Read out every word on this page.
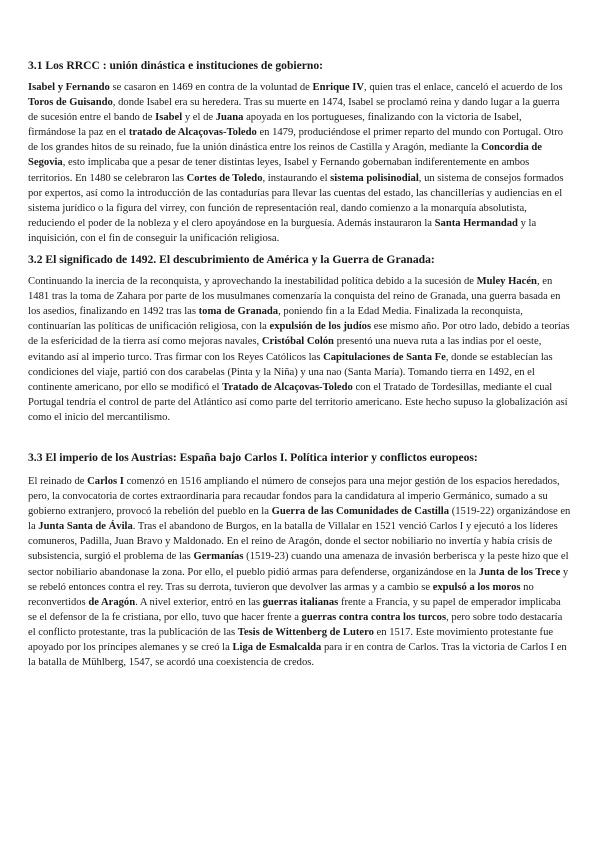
3.1 Los RRCC : unión dinástica e instituciones de gobierno:

Isabel y Fernando se casaron en 1469 en contra de la voluntad de Enrique IV, quien tras el enlace, canceló el acuerdo de los Toros de Guisando, donde Isabel era su heredera. Tras su muerte en 1474, Isabel se proclamó reina y dando lugar a la guerra de sucesión entre el bando de Isabel y el de Juana apoyada en los portugueses, finalizando con la victoria de Isabel, firmándose la paz en el tratado de Alcaçovas-Toledo en 1479, produciéndose el primer reparto del mundo con Portugal. Otro de los grandes hitos de su reinado, fue la unión dinástica entre los reinos de Castilla y Aragón, mediante la Concordia de Segovia, esto implicaba que a pesar de tener distintas leyes, Isabel y Fernando gobernaban indiferentemente en ambos territorios. En 1480 se celebraron las Cortes de Toledo, instaurando el sistema polisinodial, un sistema de consejos formados por expertos, así como la introducción de las contadurías para llevar las cuentas del estado, las chancillerías y audiencias en el sistema jurídico o la figura del virrey, con función de representación real, dando comienzo a la monarquía absolutista, reduciendo el poder de la nobleza y el clero apoyándose en la burguesía. Además instauraron la Santa Hermandad y la inquisición, con el fin de conseguir la unificación religiosa.

3.2 El significado de 1492. El descubrimiento de América y la Guerra de Granada:

Continuando la inercia de la reconquista, y aprovechando la inestabilidad política debido a la sucesión de Muley Hacén, en 1481 tras la toma de Zahara por parte de los musulmanes comenzaría la conquista del reino de Granada, una guerra basada en los asedios, finalizando en 1492 tras las toma de Granada, poniendo fin a la Edad Media. Finalizada la reconquista, continuarían las políticas de unificación religiosa, con la expulsión de los judíos ese mismo año. Por otro lado, debido a teorías de la esfericidad de la tierra así como mejoras navales, Cristóbal Colón presentó una nueva ruta a las indias por el oeste, evitando así al imperio turco. Tras firmar con los Reyes Católicos las Capitulaciones de Santa Fe, donde se establecían las condiciones del viaje, partió con dos carabelas (Pinta y la Niña) y una nao (Santa María). Tomando tierra en 1492, en el continente americano, por ello se modificó el Tratado de Alcaçovas-Toledo con el Tratado de Tordesillas, mediante el cual Portugal tendría el control de parte del Atlántico así como parte del territorio americano. Este hecho supuso la globalización así como el inicio del mercantilismo.

3.3 El imperio de los Austrias: España bajo Carlos I. Política interior y conflictos europeos:

El reinado de Carlos I comenzó en 1516 ampliando el número de consejos para una mejor gestión de los espacios heredados, pero, la convocatoria de cortes extraordinaria para recaudar fondos para la candidatura al imperio Germánico, sumado a su gobierno extranjero, provocó la rebelión del pueblo en la Guerra de las Comunidades de Castilla (1519-22) organizándose en la Junta Santa de Ávila. Tras el abandono de Burgos, en la batalla de Villalar en 1521 venció Carlos I y ejecutó a los líderes comuneros, Padilla, Juan Bravo y Maldonado. En el reino de Aragón, donde el sector nobiliario no invertía y había crisis de subsistencia, surgió el problema de las Germanías (1519-23) cuando una amenaza de invasión berberisca y la peste hizo que el sector nobiliario abandonase la zona. Por ello, el pueblo pidió armas para defenderse, organizándose en la Junta de los Trece y se rebeló entonces contra el rey. Tras su derrota, tuvieron que devolver las armas y a cambio se expulsó a los moros no reconvertidos de Aragón. A nivel exterior, entró en las guerras italianas frente a Francia, y su papel de emperador implicaba se el defensor de la fe cristiana, por ello, tuvo que hacer frente a guerras contra contra los turcos, pero sobre todo destacaría el conflicto protestante, tras la publicación de las Tesis de Wittenberg de Lutero en 1517. Este movimiento protestante fue apoyado por los príncipes alemanes y se creó la Liga de Esmalcalda para ir en contra de Carlos. Tras la victoria de Carlos I en la batalla de Mühlberg, 1547, se acordó una coexistencia de credos.
